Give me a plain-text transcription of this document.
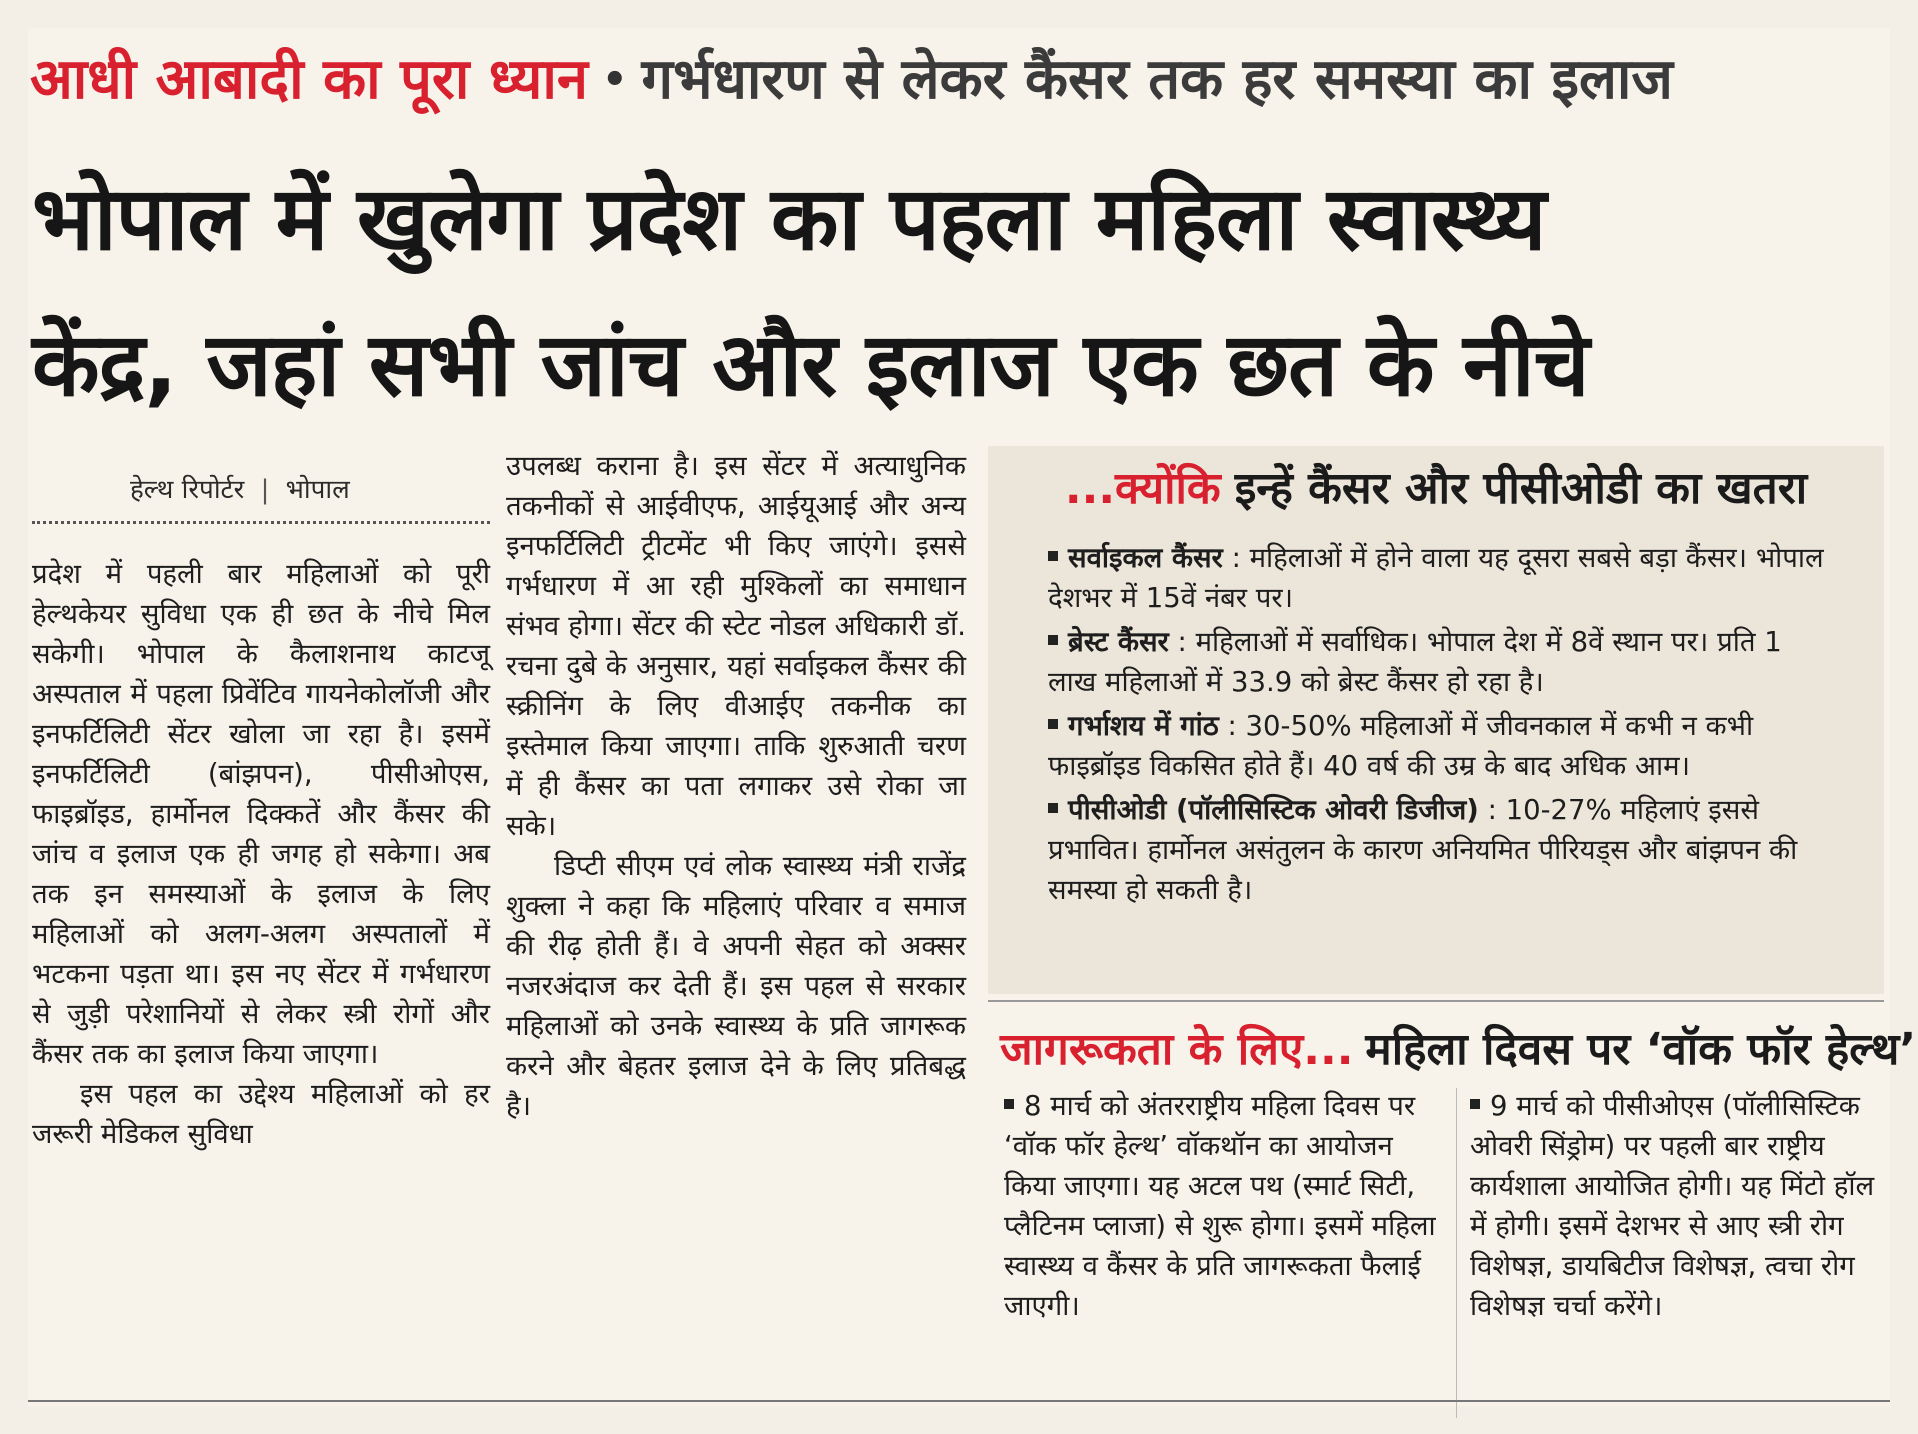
आधी आबादी का पूरा ध्यान • गर्भधारण से लेकर कैंसर तक हर समस्या का इलाज
भोपाल में खुलेगा प्रदेश का पहला महिला स्वास्थ्य
केंद्र, जहां सभी जांच और इलाज एक छत के नीचे
हेल्थ रिपोर्टर | भोपाल

प्रदेश में पहली बार महिलाओं को पूरी हेल्थकेयर सुविधा एक ही छत के नीचे मिल सकेगी। भोपाल के कैलाशनाथ काटजू अस्पताल में पहला प्रिवेंटिव गायनेकोलॉजी और इनफर्टिलिटी सेंटर खोला जा रहा है। इसमें इनफर्टिलिटी (बांझपन), पीसीओएस, फाइब्रॉइड, हार्मोनल दिक्कतें और कैंसर की जांच व इलाज एक ही जगह हो सकेगा। अब तक इन समस्याओं के इलाज के लिए महिलाओं को अलग-अलग अस्पतालों में भटकना पड़ता था। इस नए सेंटर में गर्भधारण से जुड़ी परेशानियों से लेकर स्त्री रोगों और कैंसर तक का इलाज किया जाएगा।

इस पहल का उद्देश्य महिलाओं को हर जरूरी मेडिकल सुविधा

उपलब्ध कराना है। इस सेंटर में अत्याधुनिक तकनीकों से आईवीएफ, आईयूआई और अन्य इनफर्टिलिटी ट्रीटमेंट भी किए जाएंगे। इससे गर्भधारण में आ रही मुश्किलों का समाधान संभव होगा। सेंटर की स्टेट नोडल अधिकारी डॉ. रचना दुबे के अनुसार, यहां सर्वाइकल कैंसर की स्क्रीनिंग के लिए वीआईए तकनीक का इस्तेमाल किया जाएगा। ताकि शुरुआती चरण में ही कैंसर का पता लगाकर उसे रोका जा सके।

डिप्टी सीएम एवं लोक स्वास्थ्य मंत्री राजेंद्र शुक्ला ने कहा कि महिलाएं परिवार व समाज की रीढ़ होती हैं। वे अपनी सेहत को अक्सर नजरअंदाज कर देती हैं। इस पहल से सरकार महिलाओं को उनके स्वास्थ्य के प्रति जागरूक करने और बेहतर इलाज देने के लिए प्रतिबद्ध है।

...क्योंकि इन्हें कैंसर और पीसीओडी का खतरा

सर्वाइकल कैंसर : महिलाओं में होने वाला यह दूसरा सबसे बड़ा कैंसर। भोपाल देशभर में 15वें नंबर पर।

ब्रेस्ट कैंसर : महिलाओं में सर्वाधिक। भोपाल देश में 8वें स्थान पर। प्रति 1 लाख महिलाओं में 33.9 को ब्रेस्ट कैंसर हो रहा है।

गर्भाशय में गांठ : 30-50% महिलाओं में जीवनकाल में कभी न कभी फाइब्रॉइड विकसित होते हैं। 40 वर्ष की उम्र के बाद अधिक आम।

पीसीओडी (पॉलीसिस्टिक ओवरी डिजीज) : 10-27% महिलाएं इससे प्रभावित। हार्मोनल असंतुलन के कारण अनियमित पीरियड्स और बांझपन की समस्या हो सकती है।

जागरूकता के लिए... महिला दिवस पर ‘वॉक फॉर हेल्थ’

8 मार्च को अंतरराष्ट्रीय महिला दिवस पर ‘वॉक फॉर हेल्थ’ वॉकथॉन का आयोजन किया जाएगा। यह अटल पथ (स्मार्ट सिटी, प्लैटिनम प्लाजा) से शुरू होगा। इसमें महिला स्वास्थ्य व कैंसर के प्रति जागरूकता फैलाई जाएगी।

9 मार्च को पीसीओएस (पॉलीसिस्टिक ओवरी सिंड्रोम) पर पहली बार राष्ट्रीय कार्यशाला आयोजित होगी। यह मिंटो हॉल में होगी। इसमें देशभर से आए स्त्री रोग विशेषज्ञ, डायबिटीज विशेषज्ञ, त्वचा रोग विशेषज्ञ चर्चा करेंगे।
